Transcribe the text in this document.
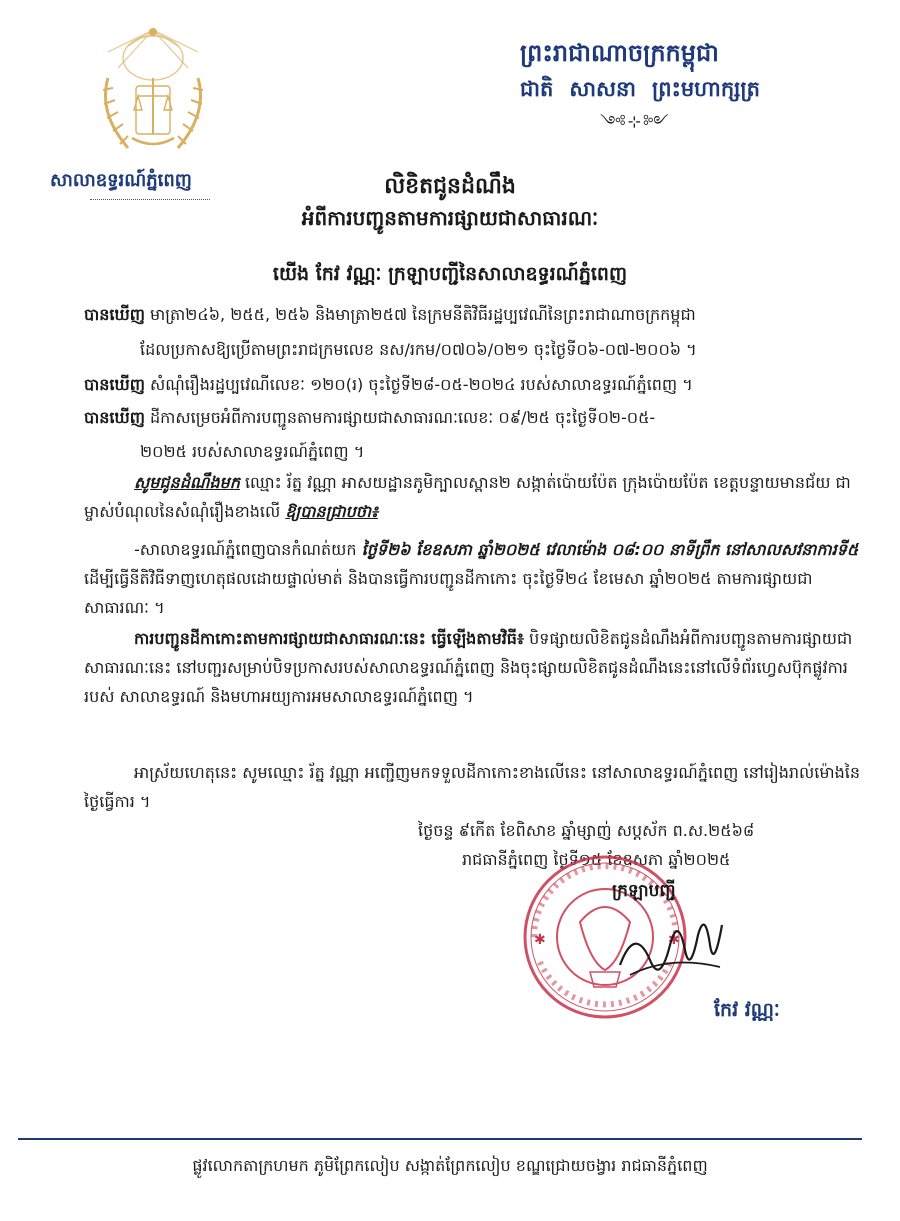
ព្រះរាជាណាចក្រកម្ពុជា
ជាតិ សាសនា ព្រះមហាក្សត្រ
༺⊹༻
សាលាឧទ្ធរណ៍ភ្នំពេញ	លិខិតជូនដំណឹង
អំពីការបញ្ជូនតាមការផ្សាយជាសាធារណៈ
យើង កែវ វណ្ណៈ ក្រឡាបញ្ជីនៃសាលាឧទ្ធរណ៍ភ្នំពេញ
បានឃើញ មាត្រា២៤៦, ២៥៥, ២៥៦ និងមាត្រា២៥៧ នៃក្រមនីតិវិធីរដ្ឋប្បវេណីនៃព្រះរាជាណាចក្រកម្ពុជា
ដែលប្រកាសឱ្យប្រើតាមព្រះរាជក្រមលេខ នស/រកម/០៧០៦/០២១ ចុះថ្ងៃទី០៦-០៧-២០០៦ ។
បានឃើញ សំណុំរឿងរដ្ឋប្បវេណីលេខៈ ១២០(រ) ចុះថ្ងៃទី២៨-០៥-២០២៤ របស់សាលាឧទ្ធរណ៍ភ្នំពេញ ។
បានឃើញ ដីកាសម្រេចអំពីការបញ្ជូនតាមការផ្សាយជាសាធារណៈលេខៈ ០៩/២៥ ចុះថ្ងៃទី០២-០៥-
២០២៥ របស់សាលាឧទ្ធរណ៍ភ្នំពេញ ។
សូមជូនដំណឹងមក ឈ្មោះ រ័ត្ន វណ្ណា អាសយដ្ឋានភូមិក្បាលស្ពាន២ សង្កាត់ប៉ោយប៉ែត ក្រុងប៉ោយប៉ែត ខេត្តបន្ទាយមានជ័យ ជាម្ចាស់បំណុលនៃសំណុំរឿងខាងលើ ឱ្យបានជ្រាបថា៖
-សាលាឧទ្ធរណ៍ភ្នំពេញបានកំណត់យក ថ្ងៃទី២៦ ខែឧសភា ឆ្នាំ២០២៥ វេលាម៉ោង ០៨:០០ នាទីព្រឹក នៅសាលសវនាការទី៥ ដើម្បីធ្វើនីតិវិធីទាញហេតុផលដោយផ្ទាល់មាត់ និងបានធ្វើការបញ្ជូនដីកាកោះ ចុះថ្ងៃទី២៤ ខែមេសា ឆ្នាំ២០២៥ តាមការផ្សាយជាសាធារណៈ ។
ការបញ្ជូនដីកាកោះតាមការផ្សាយជាសាធារណៈនេះ ធ្វើឡើងតាមវិធី៖ បិទផ្សាយលិខិតជូនដំណឹងអំពីការបញ្ជូនតាមការផ្សាយជាសាធារណៈនេះ នៅបញ្ជរសម្រាប់បិទប្រកាសរបស់សាលាឧទ្ធរណ៍ភ្នំពេញ និងចុះផ្សាយលិខិតជូនដំណឹងនេះនៅលើទំព័រហ្វេសប៊ុកផ្លូវការរបស់ សាលាឧទ្ធរណ៍ និងមហាអយ្យការអមសាលាឧទ្ធរណ៍ភ្នំពេញ ។
អាស្រ័យហេតុនេះ សូមឈ្មោះ រ័ត្ន វណ្ណា អញ្ជើញមកទទួលដីកាកោះខាងលើនេះ នៅសាលាឧទ្ធរណ៍ភ្នំពេញ នៅរៀងរាល់ម៉ោងនៃថ្ងៃធ្វើការ ។
ថ្ងៃចន្ទ ៩កើត ខែពិសាខ ឆ្នាំម្សាញ់ សប្តស័ក ព.ស.២៥៦៨
រាជធានីភ្នំពេញ ថ្ងៃទី១៥ ខែឧសភា ឆ្នាំ២០២៥
✱	✱
ក្រឡាបញ្ជី
កែវ វណ្ណៈ
ផ្លូវលោកតាក្រហមក ភូមិព្រែកលៀប សង្កាត់ព្រែកលៀប ខណ្ឌជ្រោយចង្វារ រាជធានីភ្នំពេញ
